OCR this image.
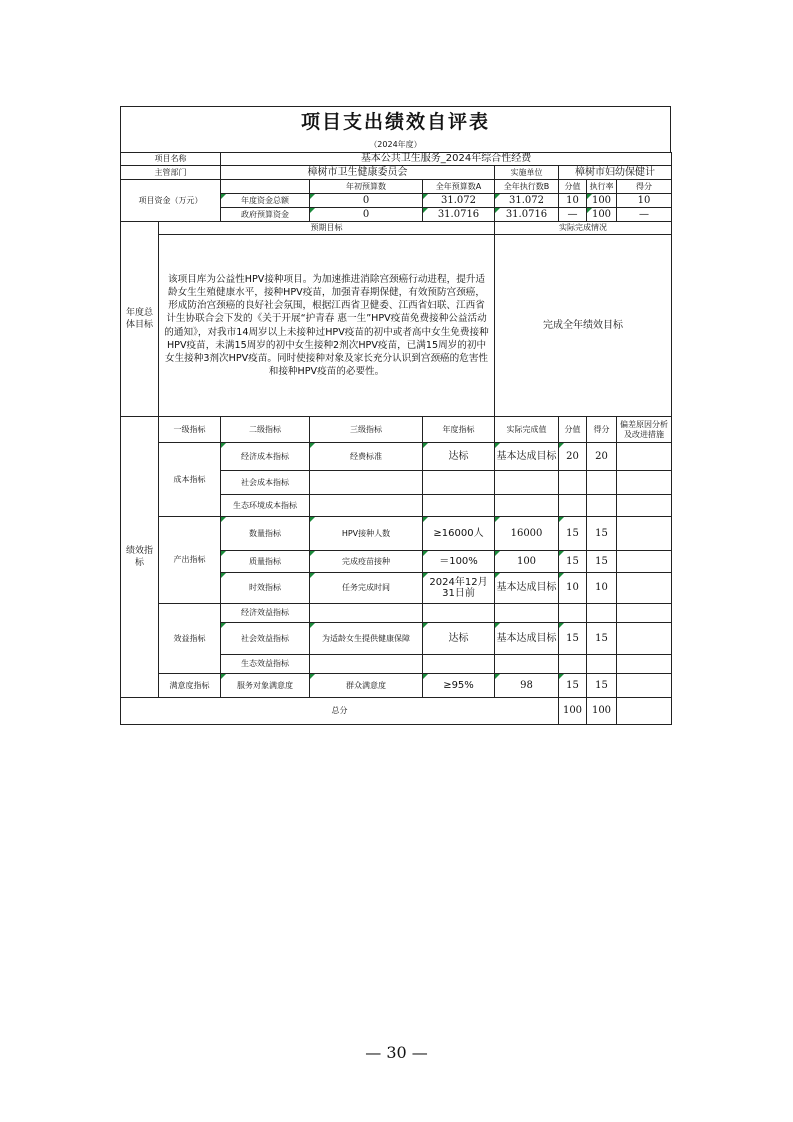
项目支出绩效自评表
（2024年度）
项目名称		基本公共卫生服务_2024年综合性经费						
主管部门		樟树市卫生健康委员会			实施单位	樟树市妇幼保健计		
项目资金（万元）			年初预算数	全年预算数A	全年执行数B	分值	执行率	得分
		年度资金总额	0	31.072	31.072	10	100	10
		政府预算资金	0	31.0716	31.0716	—	100	—
年度总体目标	预期目标				实际完成情况			
	该项目库为公益性HPV接种项目。为加速推进消除宫颈癌行动进程，提升适龄女生生殖健康水平，接种HPV疫苗，加强青春期保健，有效预防宫颈癌，形成防治宫颈癌的良好社会氛围，根据江西省卫健委、江西省妇联、江西省计生协联合会下发的《关于开展“护青春 惠一生”HPV疫苗免费接种公益活动的通知》，对我市14周岁以上未接种过HPV疫苗的初中或者高中女生免费接种HPV疫苗，未满15周岁的初中女生接种2剂次HPV疫苗，已满15周岁的初中女生接种3剂次HPV疫苗。同时使接种对象及家长充分认识到宫颈癌的危害性和接种HPV疫苗的必要性。				完成全年绩效目标			
绩效指标	一级指标	二级指标	三级指标	年度指标	实际完成值	分值	得分	偏差原因分析及改进措施
	成本指标	经济成本指标	经费标准	达标	基本达成目标	20	20	
		社会成本指标						
		生态环境成本指标						
	产出指标	数量指标	HPV接种人数	≥16000人	16000	15	15	
		质量指标	完成疫苗接种	＝100%	100	15	15	
		时效指标	任务完成时间	2024年12月31日前	基本达成目标	10	10	
	效益指标	经济效益指标						
		社会效益指标	为适龄女生提供健康保障	达标	基本达成目标	15	15	
		生态效益指标						
	满意度指标	服务对象满意度	群众满意度	≥95%	98	15	15	
总分						100	100	
— 30 —
